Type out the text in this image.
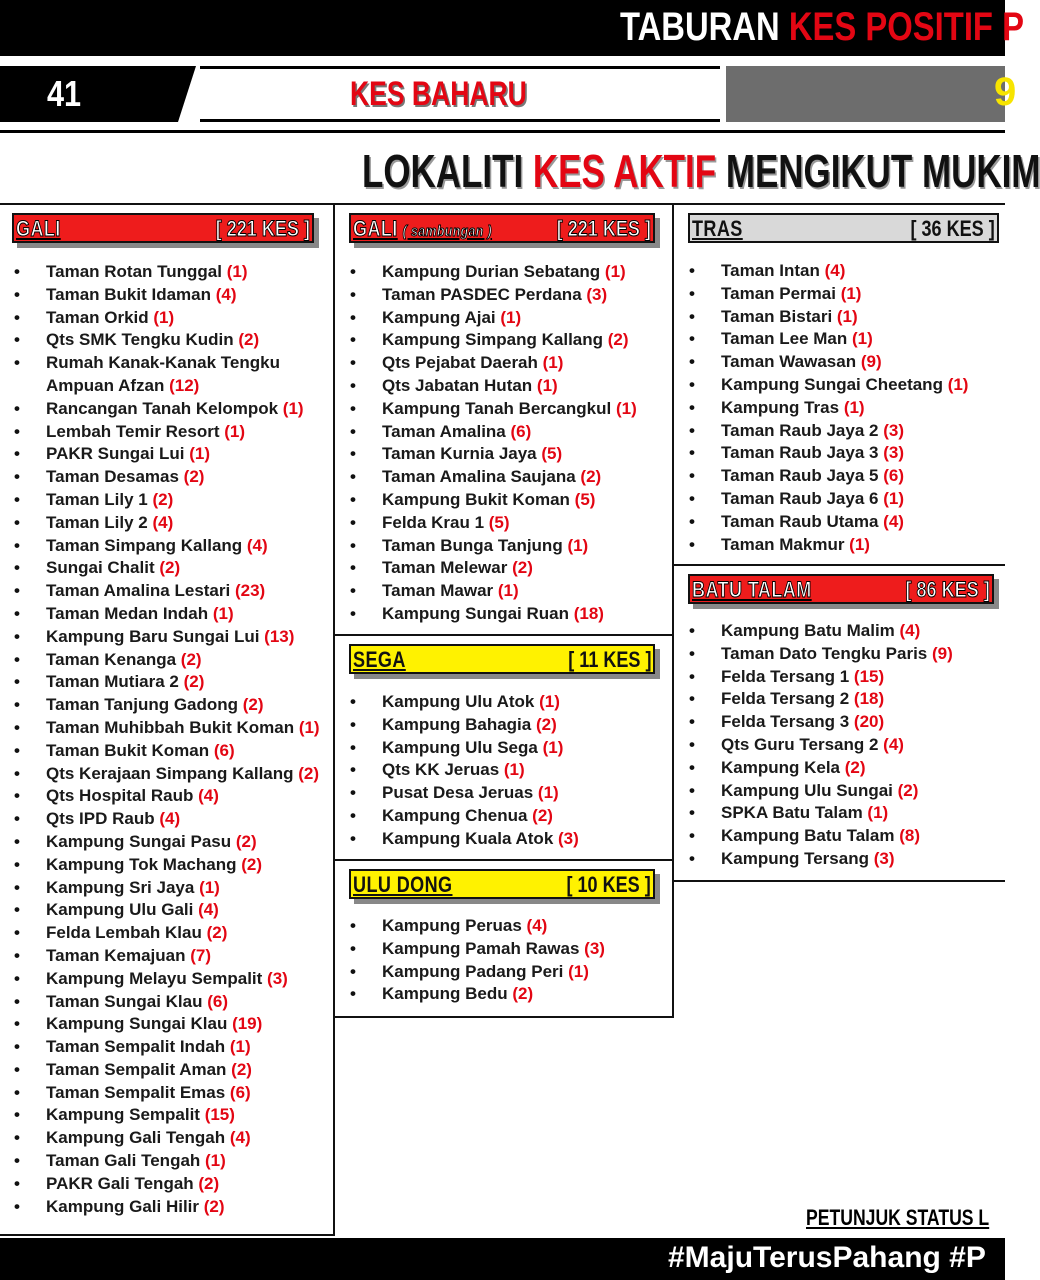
TABURAN KES POSITIF P
41	KES BAHARU	9
LOKALITI KES AKTIF MENGIKUT MUKIM
GALI	[ 221 KES ]
• Taman Rotan Tunggal (1)
• Taman Bukit Idaman (4)
• Taman Orkid (1)
• Qts SMK Tengku Kudin (2)
• Rumah Kanak-Kanak Tengku Ampuan Afzan (12)
• Rancangan Tanah Kelompok (1)
• Lembah Temir Resort (1)
• PAKR Sungai Lui (1)
• Taman Desamas (2)
• Taman Lily 1 (2)
• Taman Lily 2 (4)
• Taman Simpang Kallang (4)
• Sungai Chalit (2)
• Taman Amalina Lestari (23)
• Taman Medan Indah (1)
• Kampung Baru Sungai Lui (13)
• Taman Kenanga (2)
• Taman Mutiara 2 (2)
• Taman Tanjung Gadong (2)
• Taman Muhibbah Bukit Koman (1)
• Taman Bukit Koman (6)
• Qts Kerajaan Simpang Kallang (2)
• Qts Hospital Raub (4)
• Qts IPD Raub (4)
• Kampung Sungai Pasu (2)
• Kampung Tok Machang (2)
• Kampung Sri Jaya (1)
• Kampung Ulu Gali (4)
• Felda Lembah Klau (2)
• Taman Kemajuan (7)
• Kampung Melayu Sempalit (3)
• Taman Sungai Klau (6)
• Kampung Sungai Klau (19)
• Taman Sempalit Indah (1)
• Taman Sempalit Aman (2)
• Taman Sempalit Emas (6)
• Kampung Sempalit (15)
• Kampung Gali Tengah (4)
• Taman Gali Tengah (1)
• PAKR Gali Tengah (2)
• Kampung Gali Hilir (2)
GALI ( sambungan )	[ 221 KES ]
• Kampung Durian Sebatang (1)
• Taman PASDEC Perdana (3)
• Kampung Ajai (1)
• Kampung Simpang Kallang (2)
• Qts Pejabat Daerah (1)
• Qts Jabatan Hutan (1)
• Kampung Tanah Bercangkul (1)
• Taman Amalina (6)
• Taman Kurnia Jaya (5)
• Taman Amalina Saujana (2)
• Kampung Bukit Koman (5)
• Felda Krau 1 (5)
• Taman Bunga Tanjung (1)
• Taman Melewar (2)
• Taman Mawar (1)
• Kampung Sungai Ruan (18)
SEGA	[ 11 KES ]
• Kampung Ulu Atok (1)
• Kampung Bahagia (2)
• Kampung Ulu Sega (1)
• Qts KK Jeruas (1)
• Pusat Desa Jeruas (1)
• Kampung Chenua (2)
• Kampung Kuala Atok (3)
ULU DONG	[ 10 KES ]
• Kampung Peruas (4)
• Kampung Pamah Rawas (3)
• Kampung Padang Peri (1)
• Kampung Bedu (2)
TRAS	[ 36 KES ]
• Taman Intan (4)
• Taman Permai (1)
• Taman Bistari (1)
• Taman Lee Man (1)
• Taman Wawasan (9)
• Kampung Sungai Cheetang (1)
• Kampung Tras (1)
• Taman Raub Jaya 2 (3)
• Taman Raub Jaya 3 (3)
• Taman Raub Jaya 5 (6)
• Taman Raub Jaya 6 (1)
• Taman Raub Utama (4)
• Taman Makmur (1)
BATU TALAM	[ 86 KES ]
• Kampung Batu Malim (4)
• Taman Dato Tengku Paris (9)
• Felda Tersang 1 (15)
• Felda Tersang 2 (18)
• Felda Tersang 3 (20)
• Qts Guru Tersang 2 (4)
• Kampung Kela (2)
• Kampung Ulu Sungai (2)
• SPKA Batu Talam (1)
• Kampung Batu Talam (8)
• Kampung Tersang (3)
PETUNJUK STATUS L
#MajuTerusPahang #P
